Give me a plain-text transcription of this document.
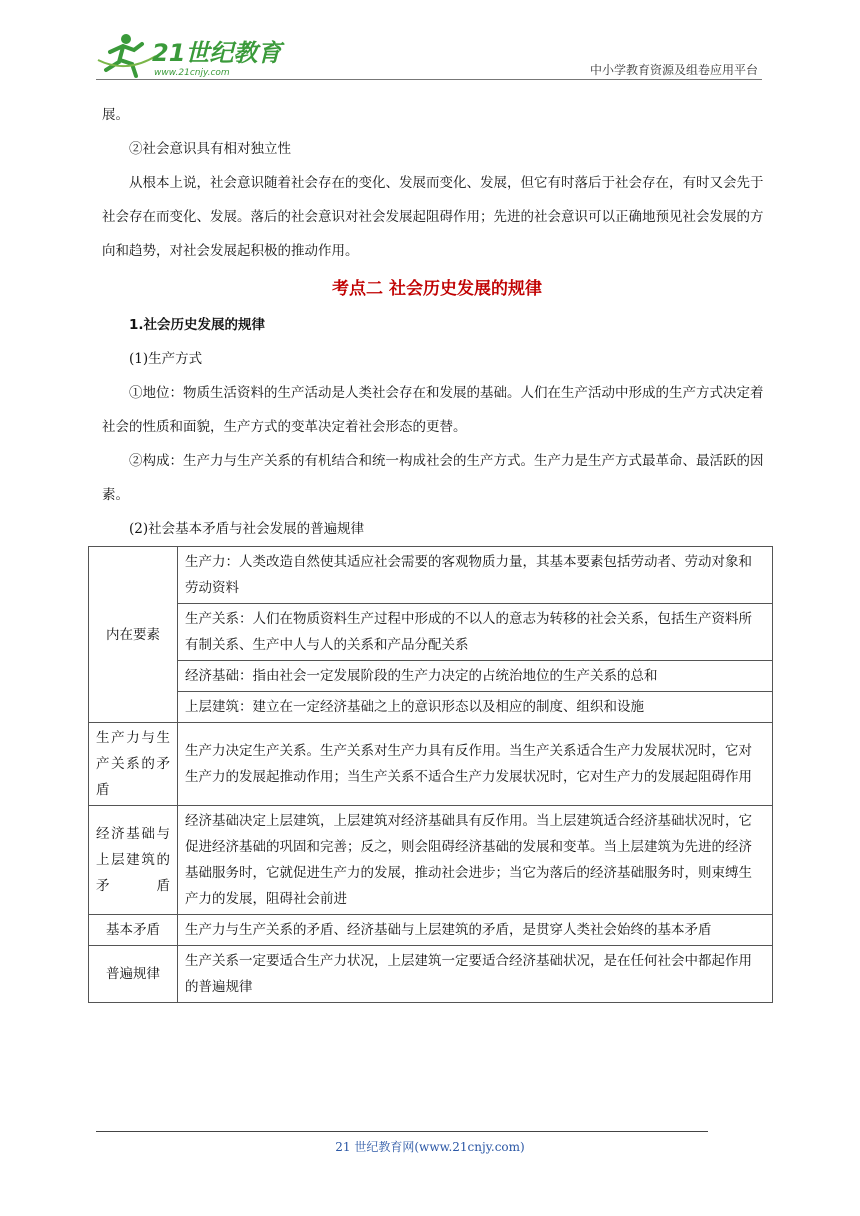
21世纪教育
www.21cnjy.com	中小学教育资源及组卷应用平台

展。

②社会意识具有相对独立性

从根本上说，社会意识随着社会存在的变化、发展而变化、发展，但它有时落后于社会存在，有时又会先于社会存在而变化、发展。落后的社会意识对社会发展起阻碍作用；先进的社会意识可以正确地预见社会发展的方向和趋势，对社会发展起积极的推动作用。

考点二 社会历史发展的规律

1.社会历史发展的规律

(1)生产方式

①地位：物质生活资料的生产活动是人类社会存在和发展的基础。人们在生产活动中形成的生产方式决定着社会的性质和面貌，生产方式的变革决定着社会形态的更替。

②构成：生产力与生产关系的有机结合和统一构成社会的生产方式。生产力是生产方式最革命、最活跃的因素。

(2)社会基本矛盾与社会发展的普遍规律

内在要素	生产力：人类改造自然使其适应社会需要的客观物质力量，其基本要素包括劳动者、劳动对象和劳动资料
	生产关系：人们在物质资料生产过程中形成的不以人的意志为转移的社会关系，包括生产资料所有制关系、生产中人与人的关系和产品分配关系
	经济基础：指由社会一定发展阶段的生产力决定的占统治地位的生产关系的总和
	上层建筑：建立在一定经济基础之上的意识形态以及相应的制度、组织和设施
生产力与生产关系的矛盾	生产力决定生产关系。生产关系对生产力具有反作用。当生产关系适合生产力发展状况时，它对生产力的发展起推动作用；当生产关系不适合生产力发展状况时，它对生产力的发展起阻碍作用
经济基础与上层建筑的矛盾	经济基础决定上层建筑，上层建筑对经济基础具有反作用。当上层建筑适合经济基础状况时，它促进经济基础的巩固和完善；反之，则会阻碍经济基础的发展和变革。当上层建筑为先进的经济基础服务时，它就促进生产力的发展，推动社会进步；当它为落后的经济基础服务时，则束缚生产力的发展，阻碍社会前进
基本矛盾	生产力与生产关系的矛盾、经济基础与上层建筑的矛盾，是贯穿人类社会始终的基本矛盾
普遍规律	生产关系一定要适合生产力状况，上层建筑一定要适合经济基础状况，是在任何社会中都起作用的普遍规律
21 世纪教育网(www.21cnjy.com)
